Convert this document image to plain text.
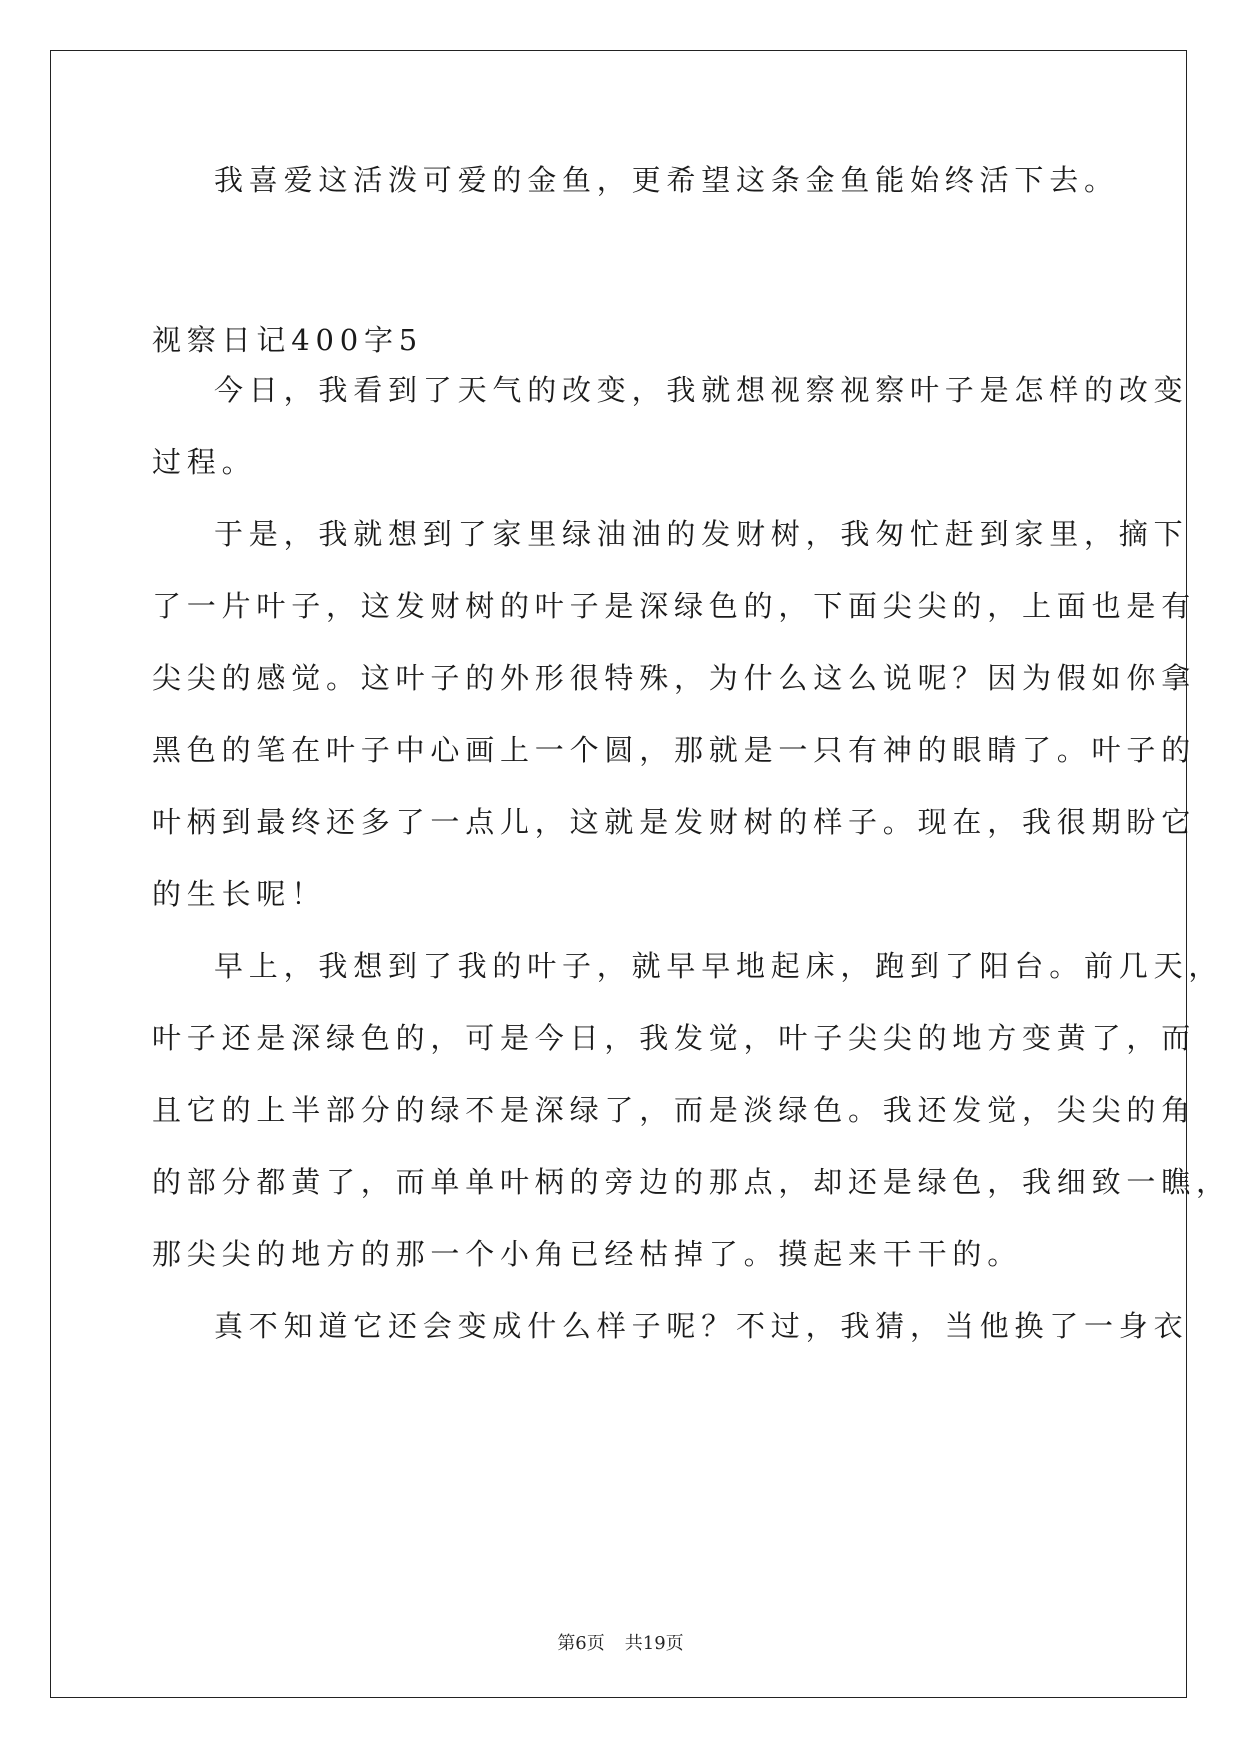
我喜爱这活泼可爱的金鱼，更希望这条金鱼能始终活下去。
视察日记400字5
今日，我看到了天气的改变，我就想视察视察叶子是怎样的改变
过程。
于是，我就想到了家里绿油油的发财树，我匆忙赶到家里，摘下
了一片叶子，这发财树的叶子是深绿色的，下面尖尖的，上面也是有
尖尖的感觉。这叶子的外形很特殊，为什么这么说呢？因为假如你拿
黑色的笔在叶子中心画上一个圆，那就是一只有神的眼睛了。叶子的
叶柄到最终还多了一点儿，这就是发财树的样子。现在，我很期盼它
的生长呢！
早上，我想到了我的叶子，就早早地起床，跑到了阳台。前几天，
叶子还是深绿色的，可是今日，我发觉，叶子尖尖的地方变黄了，而
且它的上半部分的绿不是深绿了，而是淡绿色。我还发觉，尖尖的角
的部分都黄了，而单单叶柄的旁边的那点，却还是绿色，我细致一瞧，
那尖尖的地方的那一个小角已经枯掉了。摸起来干干的。
真不知道它还会变成什么样子呢？不过，我猜，当他换了一身衣
第6页 共19页
